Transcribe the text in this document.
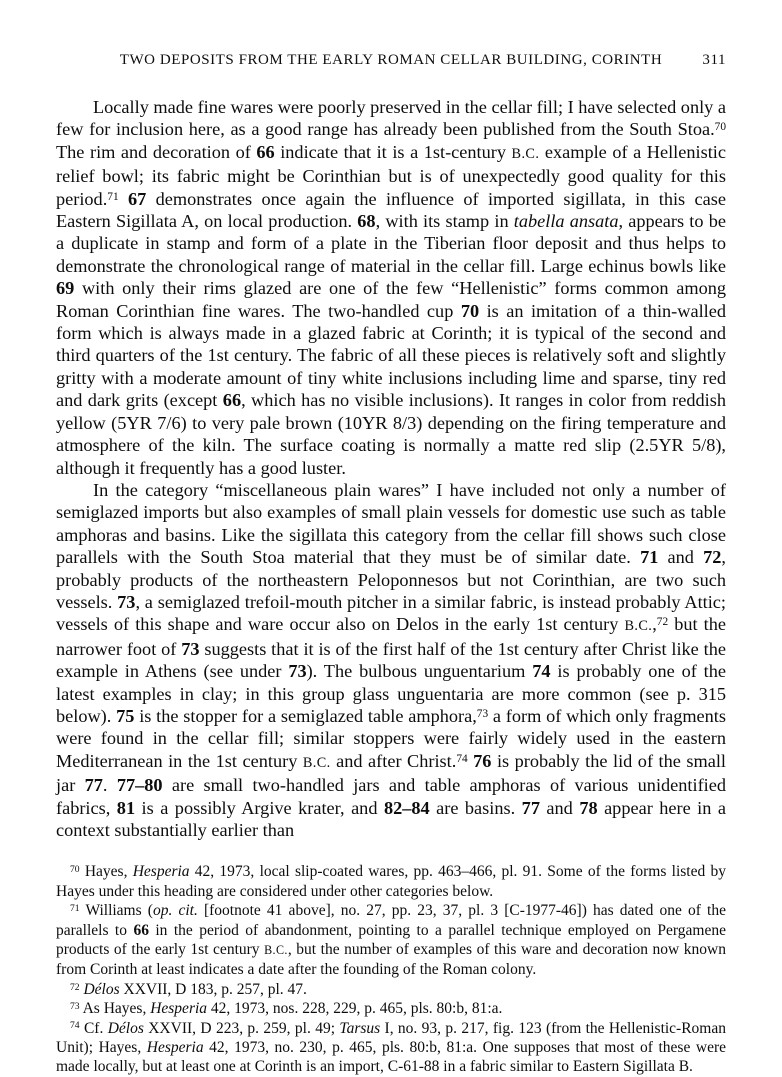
TWO DEPOSITS FROM THE EARLY ROMAN CELLAR BUILDING, CORINTH	311

Locally made fine wares were poorly preserved in the cellar fill; I have selected only a few for inclusion here, as a good range has already been published from the South Stoa.$^{70}$ The rim and decoration of 66 indicate that it is a 1st-century B.C. example of a Hellenistic relief bowl; its fabric might be Corinthian but is of unexpectedly good quality for this period.$^{71}$ 67 demonstrates once again the influence of imported sigillata, in this case Eastern Sigillata A, on local production. 68, with its stamp in tabella ansata, appears to be a duplicate in stamp and form of a plate in the Tiberian floor deposit and thus helps to demonstrate the chronological range of material in the cellar fill. Large echinus bowls like 69 with only their rims glazed are one of the few “Hellenistic” forms common among Roman Corinthian fine wares. The two-handled cup 70 is an imitation of a thin-walled form which is always made in a glazed fabric at Corinth; it is typical of the second and third quarters of the 1st century. The fabric of all these pieces is relatively soft and slightly gritty with a moderate amount of tiny white inclusions including lime and sparse, tiny red and dark grits (except 66, which has no visible inclusions). It ranges in color from reddish yellow (5YR 7/6) to very pale brown (10YR 8/3) depending on the firing temperature and atmosphere of the kiln. The surface coating is normally a matte red slip (2.5YR 5/8), although it frequently has a good luster.

In the category “miscellaneous plain wares” I have included not only a number of semiglazed imports but also examples of small plain vessels for domestic use such as table amphoras and basins. Like the sigillata this category from the cellar fill shows such close parallels with the South Stoa material that they must be of similar date. 71 and 72, probably products of the northeastern Peloponnesos but not Corinthian, are two such vessels. 73, a semiglazed trefoil-mouth pitcher in a similar fabric, is instead probably Attic; vessels of this shape and ware occur also on Delos in the early 1st century B.C.,$^{72}$ but the narrower foot of 73 suggests that it is of the first half of the 1st century after Christ like the example in Athens (see under 73). The bulbous unguentarium 74 is probably one of the latest examples in clay; in this group glass unguentaria are more common (see p. 315 below). 75 is the stopper for a semiglazed table amphora,$^{73}$ a form of which only fragments were found in the cellar fill; similar stoppers were fairly widely used in the eastern Mediterranean in the 1st century B.C. and after Christ.$^{74}$ 76 is probably the lid of the small jar 77. 77–80 are small two-handled jars and table amphoras of various unidentified fabrics, 81 is a possibly Argive krater, and 82–84 are basins. 77 and 78 appear here in a context substantially earlier than

$^{70}$ Hayes, Hesperia 42, 1973, local slip-coated wares, pp. 463–466, pl. 91. Some of the forms listed by Hayes under this heading are considered under other categories below.

$^{71}$ Williams (op. cit. [footnote 41 above], no. 27, pp. 23, 37, pl. 3 [C-1977-46]) has dated one of the parallels to 66 in the period of abandonment, pointing to a parallel technique employed on Pergamene products of the early 1st century B.C., but the number of examples of this ware and decoration now known from Corinth at least indicates a date after the founding of the Roman colony.

$^{72}$ Délos XXVII, D 183, p. 257, pl. 47.

$^{73}$ As Hayes, Hesperia 42, 1973, nos. 228, 229, p. 465, pls. 80:b, 81:a.

$^{74}$ Cf. Délos XXVII, D 223, p. 259, pl. 49; Tarsus I, no. 93, p. 217, fig. 123 (from the Hellenistic-Roman Unit); Hayes, Hesperia 42, 1973, no. 230, p. 465, pls. 80:b, 81:a. One supposes that most of these were made locally, but at least one at Corinth is an import, C-61-88 in a fabric similar to Eastern Sigillata B.
